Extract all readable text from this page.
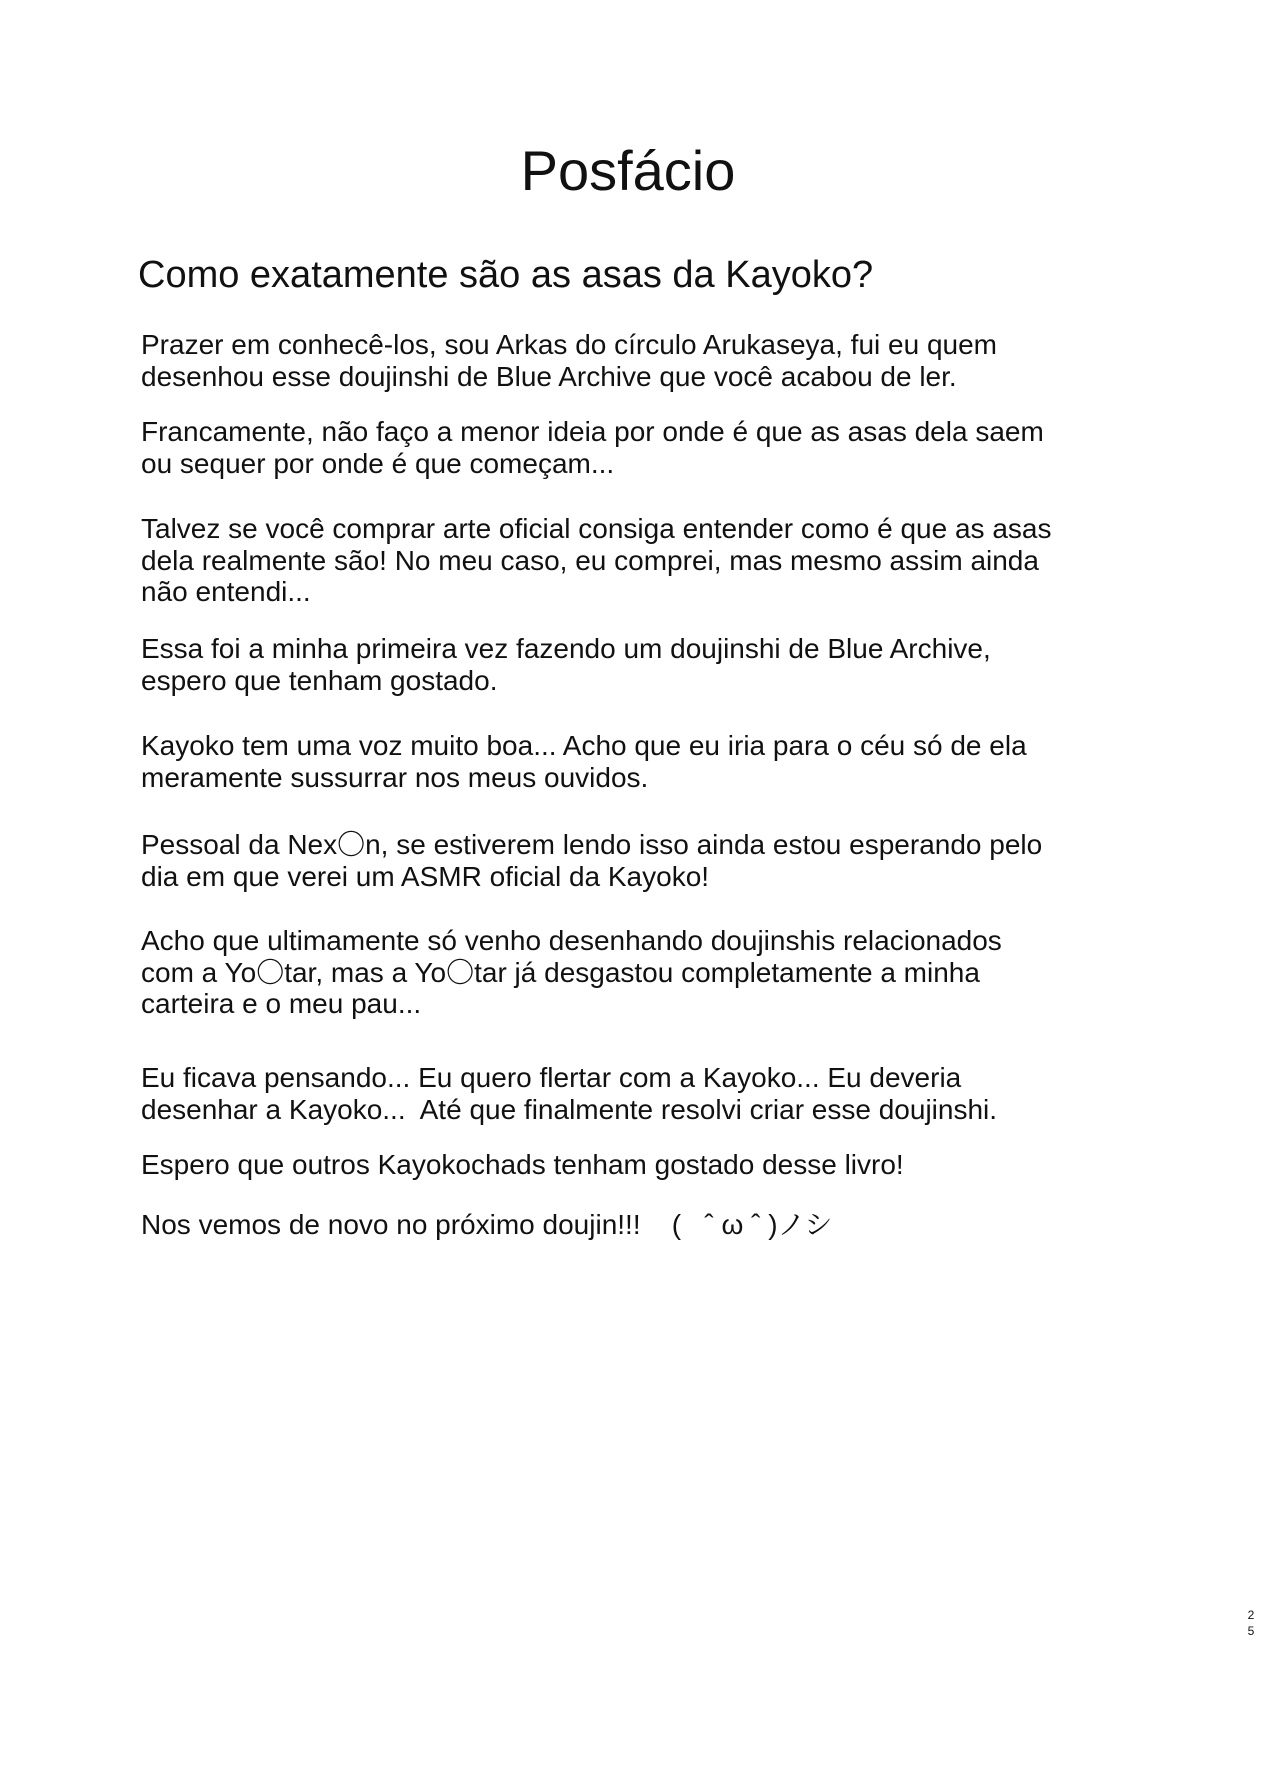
Posfácio
Como exatamente são as asas da Kayoko?
Prazer em conhecê-los, sou Arkas do círculo Arukaseya, fui eu quem
desenhou esse doujinshi de Blue Archive que você acabou de ler.
Francamente, não faço a menor ideia por onde é que as asas dela saem
ou sequer por onde é que começam...
Talvez se você comprar arte oficial consiga entender como é que as asas
dela realmente são! No meu caso, eu comprei, mas mesmo assim ainda
não entendi...
Essa foi a minha primeira vez fazendo um doujinshi de Blue Archive,
espero que tenham gostado.
Kayoko tem uma voz muito boa... Acho que eu iria para o céu só de ela
meramente sussurrar nos meus ouvidos.
Pessoal da Nex〇n, se estiverem lendo isso ainda estou esperando pelo
dia em que verei um ASMR oficial da Kayoko!
Acho que ultimamente só venho desenhando doujinshis relacionados
com a Yo〇tar, mas a Yo〇tar já desgastou completamente a minha
carteira e o meu pau...
Eu ficava pensando... Eu quero flertar com a Kayoko... Eu deveria
desenhar a Kayoko...  Até que finalmente resolvi criar esse doujinshi.
Espero que outros Kayokochads tenham gostado desse livro!
Nos vemos de novo no próximo doujin!!!    (   ˆ ω ˆ )ノシ
2
5
